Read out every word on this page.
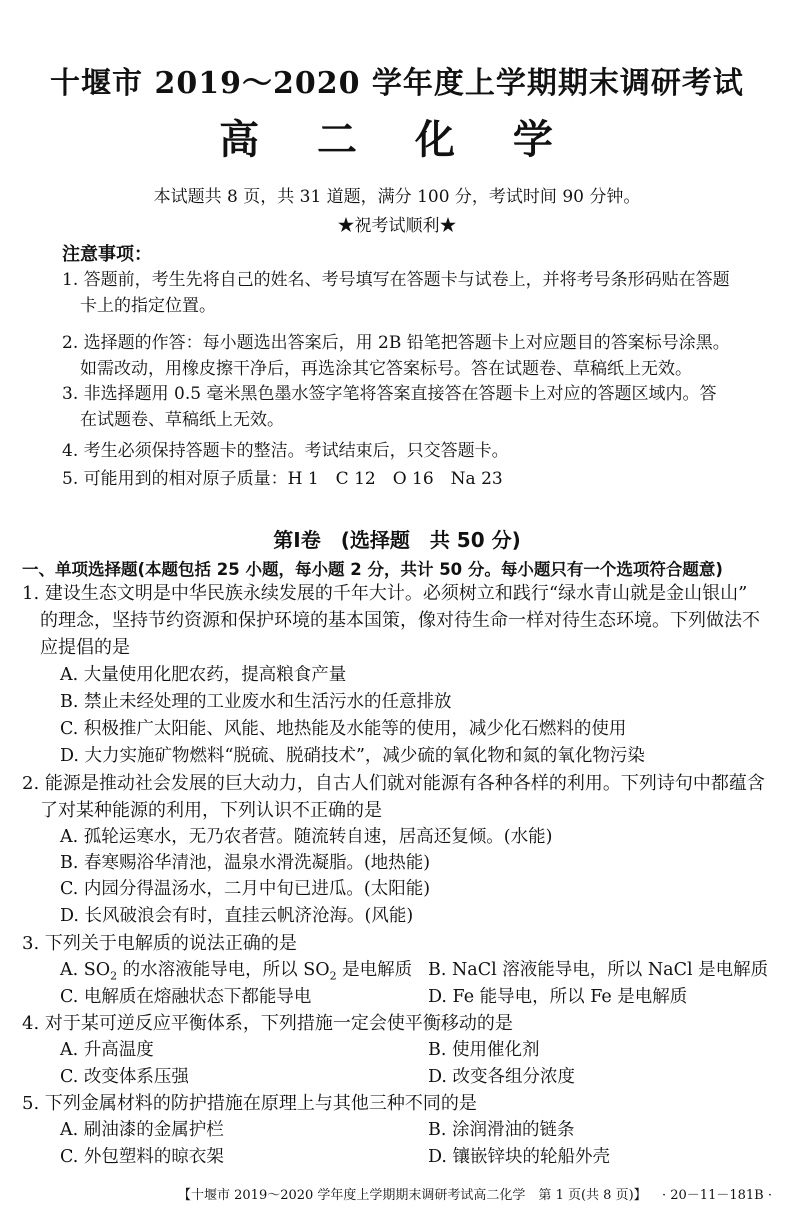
十堰市 2019～2020 学年度上学期期末调研考试
高 二 化 学
本试题共 8 页，共 31 道题，满分 100 分，考试时间 90 分钟。
★祝考试顺利★
注意事项：
1. 答题前，考生先将自己的姓名、考号填写在答题卡与试卷上，并将考号条形码贴在答题
卡上的指定位置。
2. 选择题的作答：每小题选出答案后，用 2B 铅笔把答题卡上对应题目的答案标号涂黑。
如需改动，用橡皮擦干净后，再选涂其它答案标号。答在试题卷、草稿纸上无效。
3. 非选择题用 0.5 毫米黑色墨水签字笔将答案直接答在答题卡上对应的答题区域内。答
在试题卷、草稿纸上无效。
4. 考生必须保持答题卡的整洁。考试结束后，只交答题卡。
5. 可能用到的相对原子质量：H 1　C 12　O 16　Na 23
第Ⅰ卷　(选择题　共 50 分)
一、单项选择题(本题包括 25 小题，每小题 2 分，共计 50 分。每小题只有一个选项符合题意)
1. 建设生态文明是中华民族永续发展的千年大计。必须树立和践行“绿水青山就是金山银山”
的理念，坚持节约资源和保护环境的基本国策，像对待生命一样对待生态环境。下列做法不
应提倡的是
A. 大量使用化肥农药，提高粮食产量
B. 禁止未经处理的工业废水和生活污水的任意排放
C. 积极推广太阳能、风能、地热能及水能等的使用，减少化石燃料的使用
D. 大力实施矿物燃料“脱硫、脱硝技术”，减少硫的氧化物和氮的氧化物污染
2. 能源是推动社会发展的巨大动力，自古人们就对能源有各种各样的利用。下列诗句中都蕴含
了对某种能源的利用，下列认识不正确的是
A. 孤轮运寒水，无乃农者营。随流转自速，居高还复倾。(水能)
B. 春寒赐浴华清池，温泉水滑洗凝脂。(地热能)
C. 内园分得温汤水，二月中旬已进瓜。(太阳能)
D. 长风破浪会有时，直挂云帆济沧海。(风能)
3. 下列关于电解质的说法正确的是
A. $SO_2$ 的水溶液能导电，所以 $SO_2$ 是电解质 B. NaCl 溶液能导电，所以 NaCl 是电解质
C. 电解质在熔融状态下都能导电	D. Fe 能导电，所以 Fe 是电解质
4. 对于某可逆反应平衡体系，下列措施一定会使平衡移动的是
A. 升高温度	B. 使用催化剂
C. 改变体系压强	D. 改变各组分浓度
5. 下列金属材料的防护措施在原理上与其他三种不同的是
A. 刷油漆的金属护栏	B. 涂润滑油的链条
C. 外包塑料的晾衣架	D. 镶嵌锌块的轮船外壳
【十堰市 2019～2020 学年度上学期期末调研考试高二化学　第 1 页(共 8 页)】 · 20－11－181B ·
